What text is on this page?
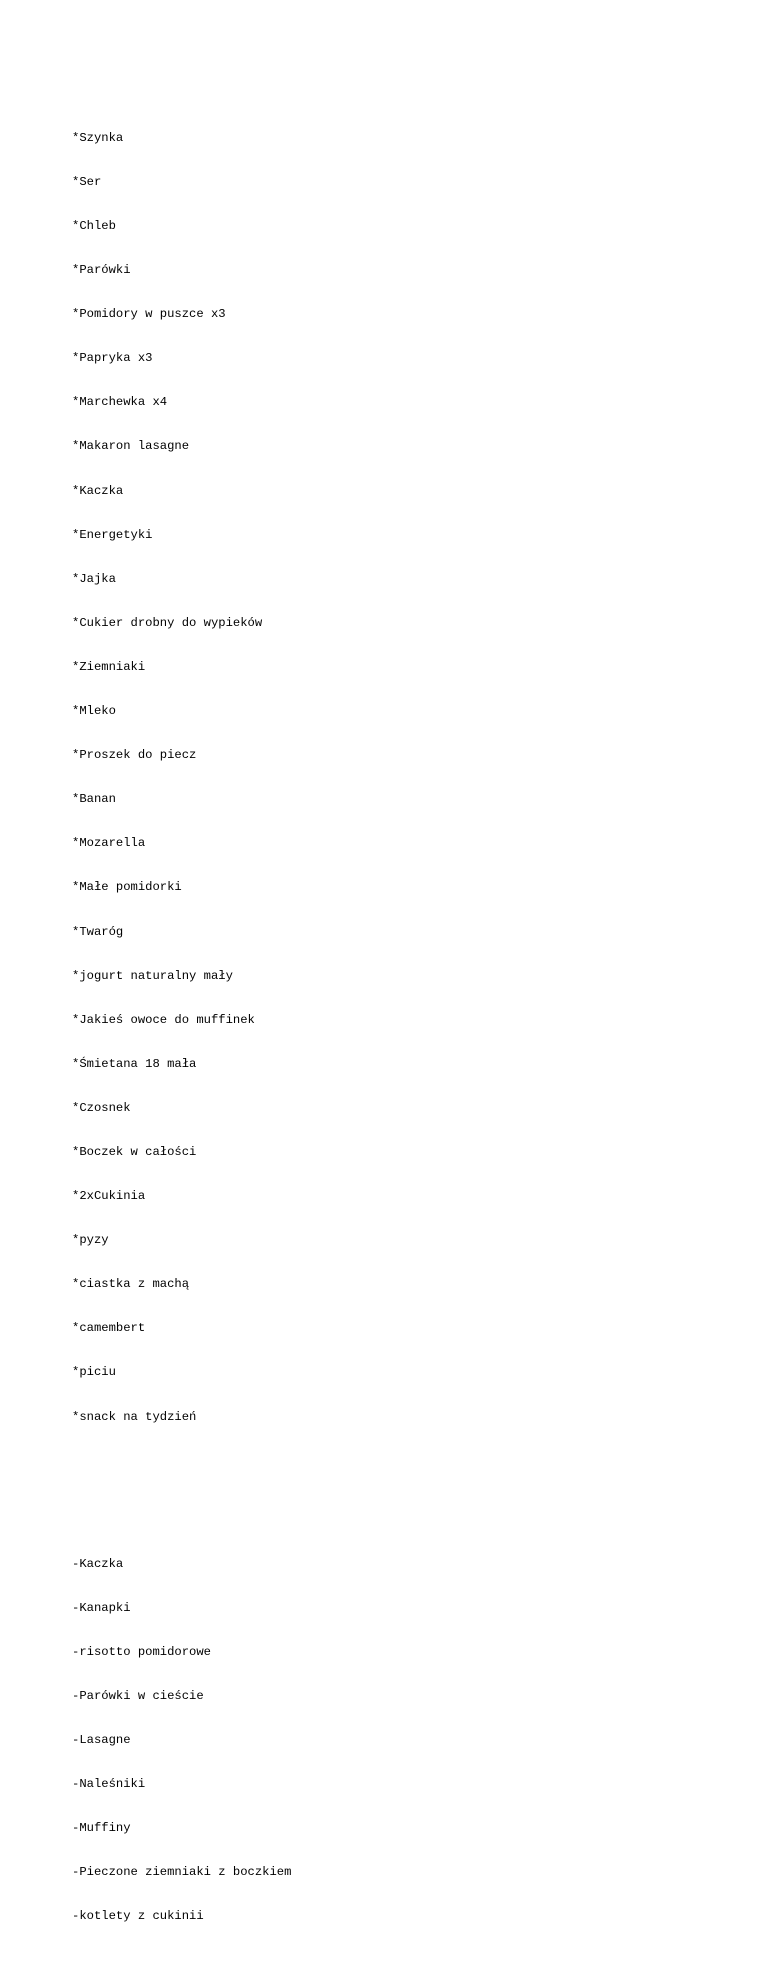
*Szynka

*Ser

*Chleb

*Parówki

*Pomidory w puszce x3

*Papryka x3

*Marchewka x4

*Makaron lasagne

*Kaczka

*Energetyki

*Jajka

*Cukier drobny do wypieków

*Ziemniaki

*Mleko

*Proszek do piecz

*Banan

*Mozarella

*Małe pomidorki

*Twaróg

*jogurt naturalny mały

*Jakieś owoce do muffinek

*Śmietana 18 mała

*Czosnek

*Boczek w całości

*2xCukinia

*pyzy

*ciastka z machą

*camembert

*piciu

*snack na tydzień

-Kaczka

-Kanapki

-risotto pomidorowe

-Parówki w cieście

-Lasagne

-Naleśniki

-Muffiny

-Pieczone ziemniaki z boczkiem

-kotlety z cukinii
